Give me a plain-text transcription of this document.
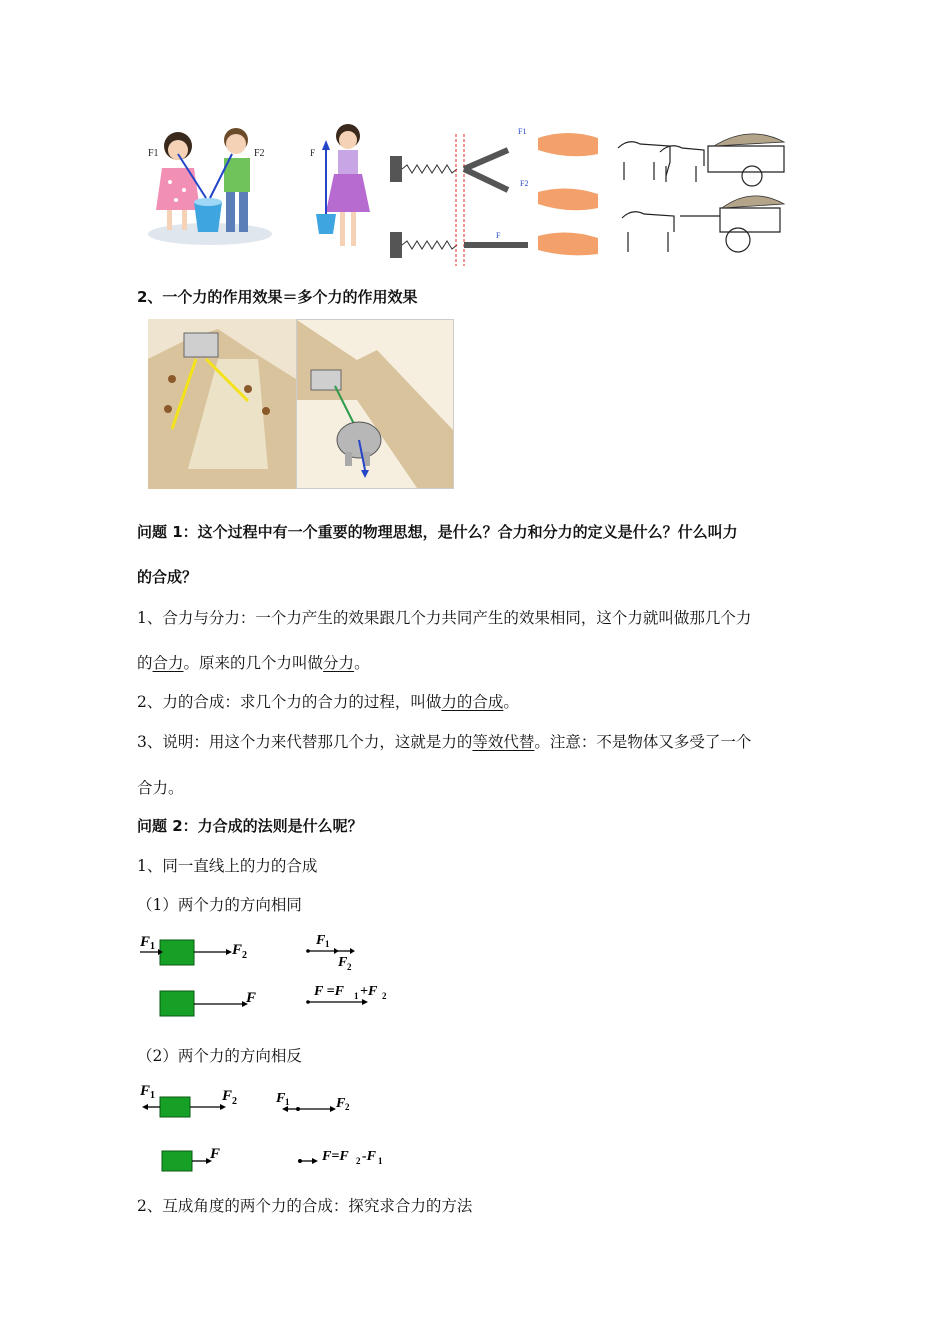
F1	F2	F
F1
F2
F
2、一个力的作用效果＝多个力的作用效果
问题 1：这个过程中有一个重要的物理思想，是什么？合力和分力的定义是什么？什么叫力
的合成？
1、合力与分力：一个力产生的效果跟几个力共同产生的效果相同，这个力就叫做那几个力
的合力。原来的几个力叫做分力。
2、力的合成：求几个力的合力的过程，叫做力的合成。
3、说明：用这个力来代替那几个力，这就是力的等效代替。注意：不是物体又多受了一个
合力。
问题 2：力合成的法则是什么呢？
1、同一直线上的力的合成
（1）两个力的方向相同
F 1	F 2
F 1
F 2
F	F =F 1 +F 2
（2）两个力的方向相反
F 1	F 2	F 1	F 2
F	F=F 2 -F 1
2、互成角度的两个力的合成：探究求合力的方法
